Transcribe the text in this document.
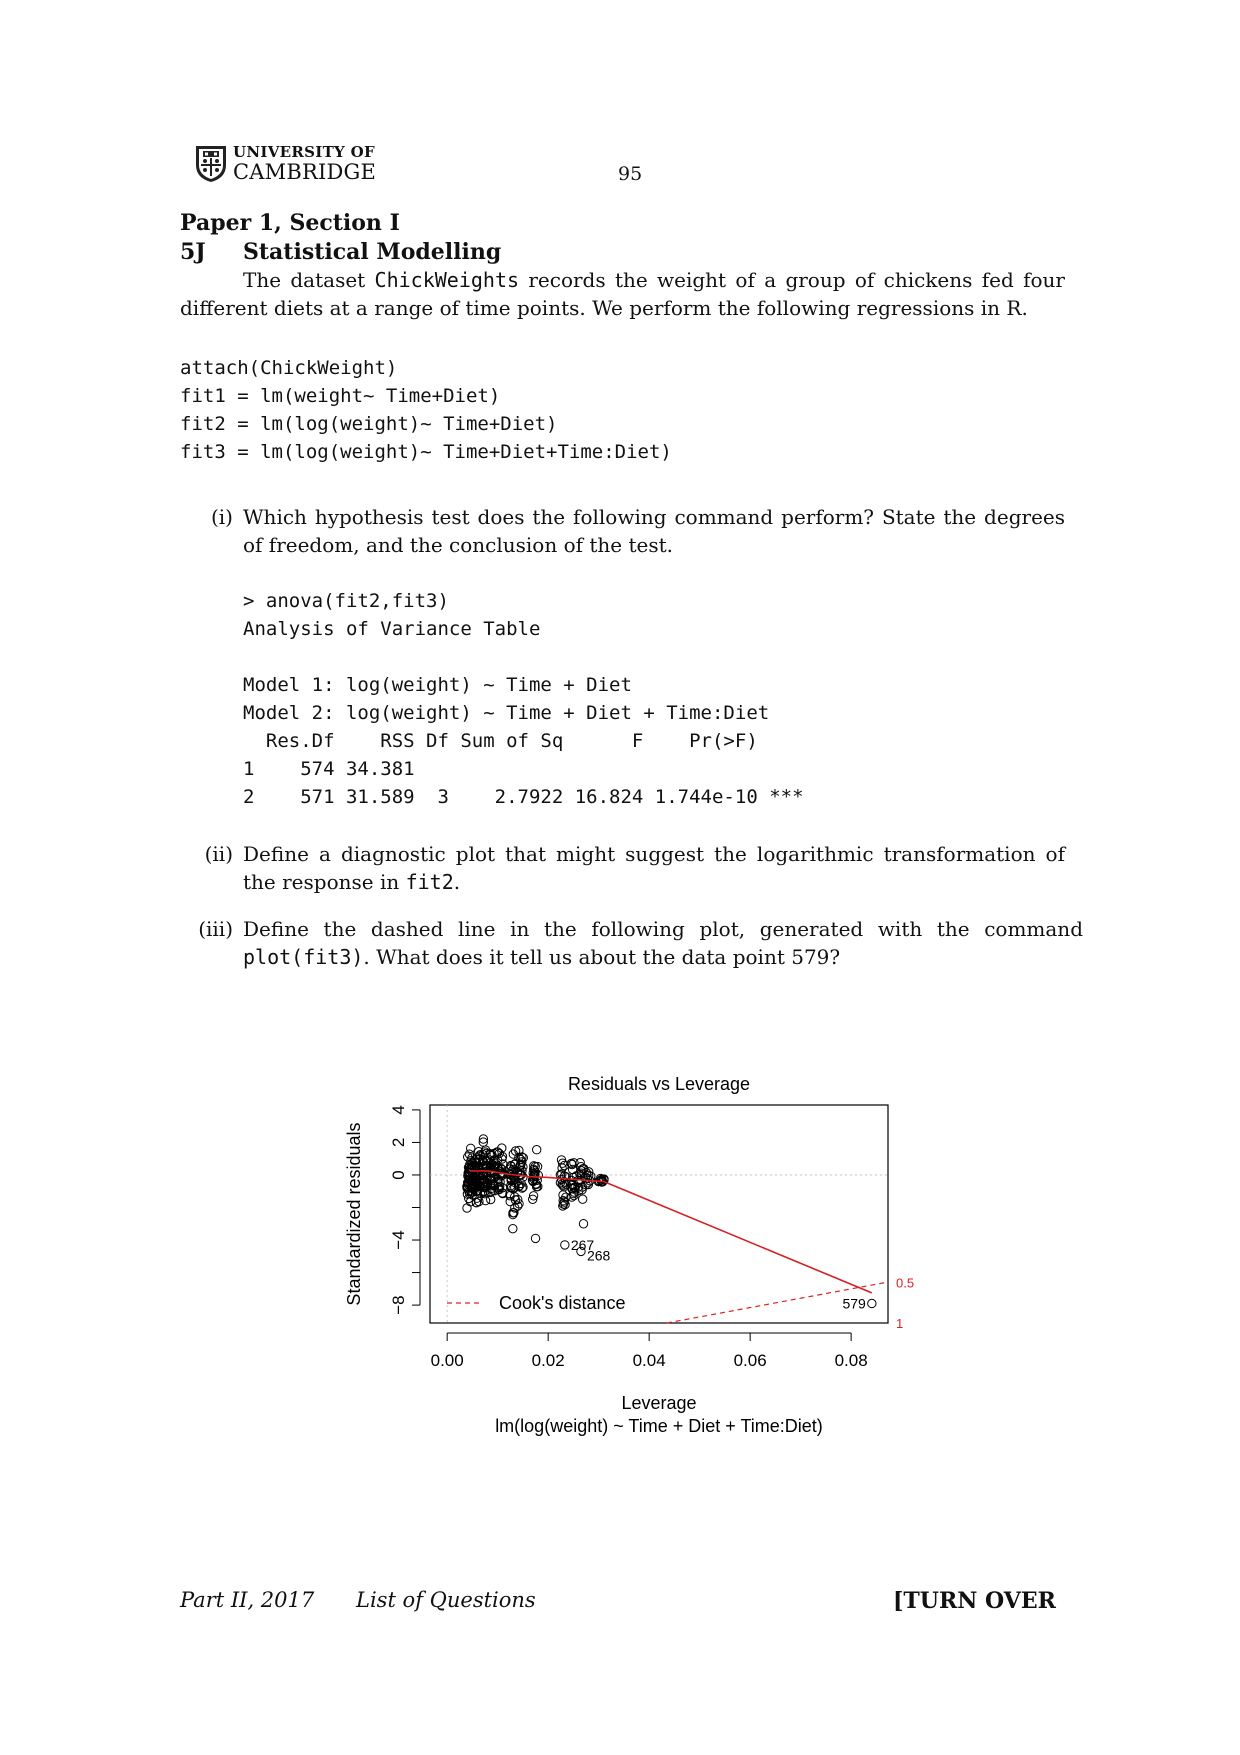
UNIVERSITY OF
CAMBRIDGE	95
Paper 1, Section I
5J Statistical Modelling
The dataset ChickWeights records the weight of a group of chickens fed four different diets at a range of time points. We perform the following regressions in R.
attach(ChickWeight)
fit1 = lm(weight~ Time+Diet)
fit2 = lm(log(weight)~ Time+Diet)
fit3 = lm(log(weight)~ Time+Diet+Time:Diet)
(i) Which hypothesis test does the following command perform? State the degrees of freedom, and the conclusion of the test.
> anova(fit2,fit3)
Analysis of Variance Table

Model 1: log(weight) ~ Time + Diet
Model 2: log(weight) ~ Time + Diet + Time:Diet
Res.Df    RSS Df Sum of Sq      F    Pr(>F)
1    574 34.381
2    571 31.589  3    2.7922 16.824 1.744e-10 ***
(ii) Define a diagnostic plot that might suggest the logarithmic transformation of the response in fit2.
(iii) Define the dashed line in the following plot, generated with the command plot(fit3). What does it tell us about the data point 579?
Residuals vs Leverage
0.00	0.02	0.04	0.06	0.08
−8
−4
0
2
4
0.5
1
267
268
579
Cook's distance
Leverage
lm(log(weight) ~ Time + Diet + Time:Diet)
Standardized residuals
Part II, 2017 List of Questions	[TURN OVER
